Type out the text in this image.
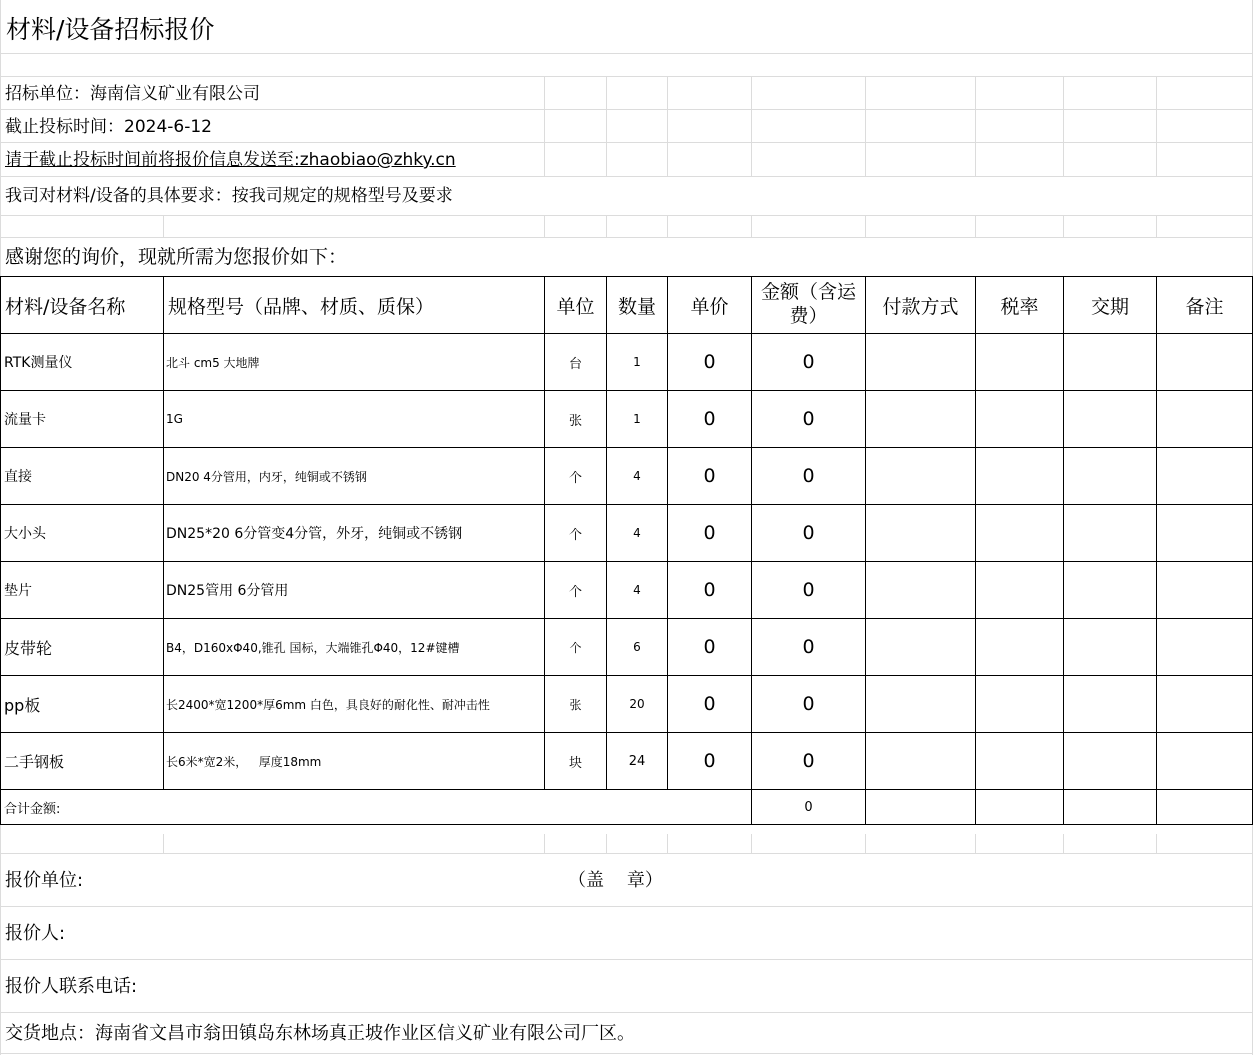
材料/设备招标报价
招标单位：海南信义矿业有限公司
截止投标时间：2024-6-12
请于截止投标时间前将报价信息发送至:zhaobiao@zhky.cn
我司对材料/设备的具体要求：按我司规定的规格型号及要求
感谢您的询价，现就所需为您报价如下：
材料/设备名称	规格型号（品牌、材质、质保）	单位	数量	单价	金额（含运费）	付款方式	税率	交期	备注
RTK测量仪	北斗 cm5 大地牌	台	1	0	0				
流量卡	1G	张	1	0	0				
直接	DN20 4分管用，内牙，纯铜或不锈钢	个	4	0	0				
大小头	DN25*20 6分管变4分管，外牙，纯铜或不锈钢	个	4	0	0				
垫片	DN25管用 6分管用	个	4	0	0				
皮带轮	B4，D160xΦ40,锥孔 国标，大端锥孔Φ40，12#键槽	个	6	0	0				
pp板	长2400*宽1200*厚6mm 白色，具良好的耐化性、耐冲击性	张	20	0	0				
二手钢板	长6米*宽2米，   厚度18mm	块	24	0	0				
合计金额:					0				
报价单位:	（盖    章）
报价人:
报价人联系电话:
交货地点：海南省文昌市翁田镇岛东林场真正坡作业区信义矿业有限公司厂区。
